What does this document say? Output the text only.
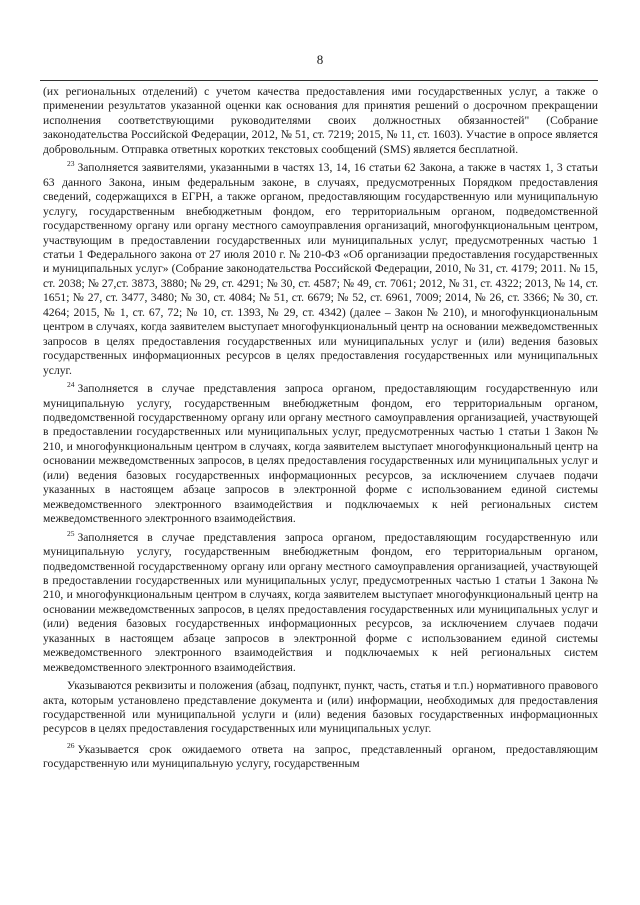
8

(их региональных отделений) с учетом качества предоставления ими государственных услуг, а также о применении результатов указанной оценки как основания для принятия решений о досрочном прекращении исполнения соответствующими руководителями своих должностных обязанностей" (Собрание законодательства Российской Федерации, 2012, № 51, ст. 7219; 2015, № 11, ст. 1603). Участие в опросе является добровольным. Отправка ответных коротких текстовых сообщений (SMS) является бесплатной.

$^{23}$ Заполняется заявителями, указанными в частях 13, 14, 16 статьи 62 Закона, а также в частях 1, 3 статьи 63 данного Закона, иным федеральным законе, в случаях, предусмотренных Порядком предоставления сведений, содержащихся в ЕГРН, а также органом, предоставляющим государственную или муниципальную услугу, государственным внебюджетным фондом, его территориальным органом, подведомственной государственному органу или органу местного самоуправления организаций, многофункциональным центром, участвующим в предоставлении государственных или муниципальных услуг, предусмотренных частью 1 статьи 1 Федерального закона от 27 июля 2010 г. № 210-ФЗ «Об организации предоставления государственных и муниципальных услуг» (Собрание законодательства Российской Федерации, 2010, № 31, ст. 4179; 2011. № 15, ст. 2038; № 27,ст. 3873, 3880; № 29, ст. 4291; № 30, ст. 4587; № 49, ст. 7061; 2012, № 31, ст. 4322; 2013, № 14, ст. 1651; № 27, ст. 3477, 3480; № 30, ст. 4084; № 51, ст. 6679; № 52, ст. 6961, 7009; 2014, № 26, ст. 3366; № 30, ст. 4264; 2015, № 1, ст. 67, 72; № 10, ст. 1393, № 29, ст. 4342) (далее – Закон № 210), и многофункциональным центром в случаях, когда заявителем выступает многофункциональный центр на основании межведомственных запросов в целях предоставления государственных или муниципальных услуг и (или) ведения базовых государственных информационных ресурсов в целях предоставления государственных или муниципальных услуг.

$^{24}$ Заполняется в случае представления запроса органом, предоставляющим государственную или муниципальную услугу, государственным внебюджетным фондом, его территориальным органом, подведомственной государственному органу или органу местного самоуправления организацией, участвующей в предоставлении государственных или муниципальных услуг, предусмотренных частью 1 статьи 1 Закон № 210, и многофункциональным центром в случаях, когда заявителем выступает многофункциональный центр на основании межведомственных запросов, в целях предоставления государственных или муниципальных услуг и (или) ведения базовых государственных информационных ресурсов, за исключением случаев подачи указанных в настоящем абзаце запросов в электронной форме с использованием единой системы межведомственного электронного взаимодействия и подключаемых к ней региональных систем межведомственного электронного взаимодействия.

$^{25}$ Заполняется в случае представления запроса органом, предоставляющим государственную или муниципальную услугу, государственным внебюджетным фондом, его территориальным органом, подведомственной государственному органу или органу местного самоуправления организацией, участвующей в предоставлении государственных или муниципальных услуг, предусмотренных частью 1 статьи 1 Закона № 210, и многофункциональным центром в случаях, когда заявителем выступает многофункциональный центр на основании межведомственных запросов, в целях предоставления государственных или муниципальных услуг и (или) ведения базовых государственных информационных ресурсов, за исключением случаев подачи указанных в настоящем абзаце запросов в электронной форме с использованием единой системы межведомственного электронного взаимодействия и подключаемых к ней региональных систем межведомственного электронного взаимодействия.

Указываются реквизиты и положения (абзац, подпункт, пункт, часть, статья и т.п.) нормативного правового акта, которым установлено представление документа и (или) информации, необходимых для предоставления государственной или муниципальной услуги и (или) ведения базовых государственных информационных ресурсов в целях предоставления государственных или муниципальных услуг.

$^{26}$ Указывается срок ожидаемого ответа на запрос, представленный органом, предоставляющим государственную или муниципальную услугу, государственным
